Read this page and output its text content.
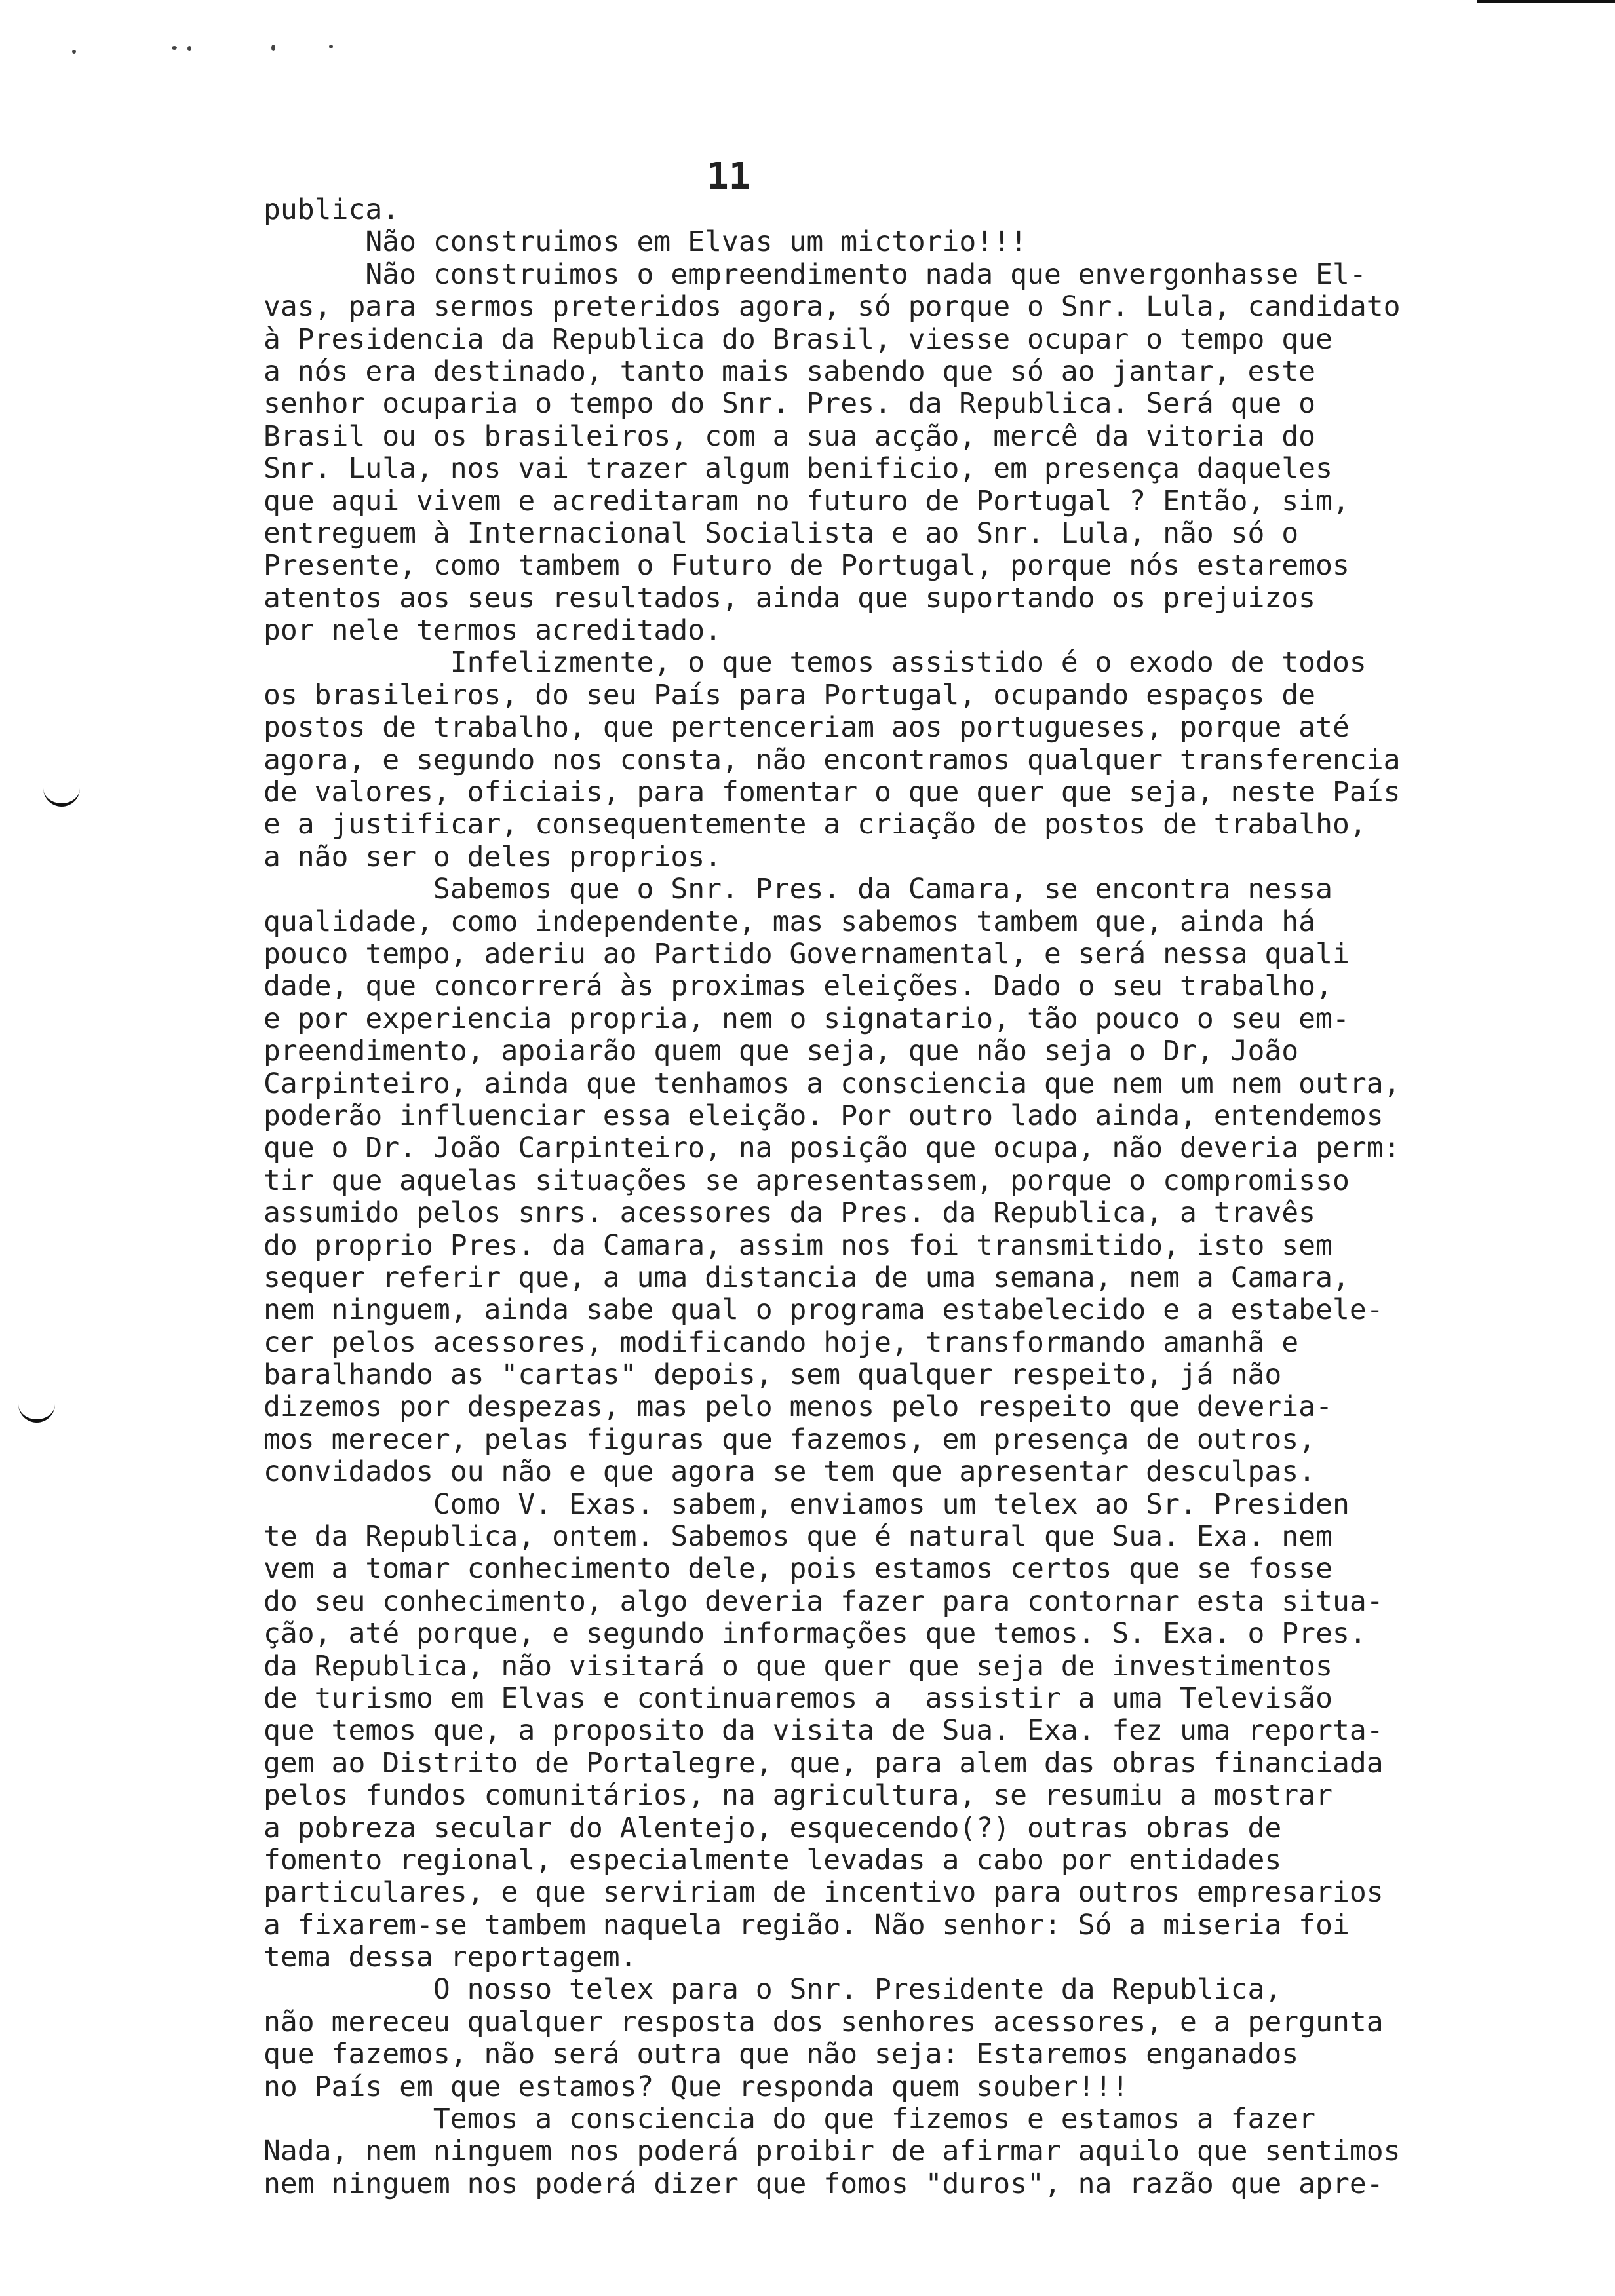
11
publica.
Não construimos em Elvas um mictorio!!!
Não construimos o empreendimento nada que envergonhasse El-
vas, para sermos preteridos agora, só porque o Snr. Lula, candidato
à Presidencia da Republica do Brasil, viesse ocupar o tempo que
a nós era destinado, tanto mais sabendo que só ao jantar, este
senhor ocuparia o tempo do Snr. Pres. da Republica. Será que o
Brasil ou os brasileiros, com a sua acção, mercê da vitoria do
Snr. Lula, nos vai trazer algum benificio, em presença daqueles
que aqui vivem e acreditaram no futuro de Portugal ? Então, sim,
entreguem à Internacional Socialista e ao Snr. Lula, não só o
Presente, como tambem o Futuro de Portugal, porque nós estaremos
atentos aos seus resultados, ainda que suportando os prejuizos
por nele termos acreditado.
Infelizmente, o que temos assistido é o exodo de todos
os brasileiros, do seu País para Portugal, ocupando espaços de
postos de trabalho, que pertenceriam aos portugueses, porque até
agora, e segundo nos consta, não encontramos qualquer transferencia
de valores, oficiais, para fomentar o que quer que seja, neste País
e a justificar, consequentemente a criação de postos de trabalho,
a não ser o deles proprios.
Sabemos que o Snr. Pres. da Camara, se encontra nessa
qualidade, como independente, mas sabemos tambem que, ainda há
pouco tempo, aderiu ao Partido Governamental, e será nessa quali
dade, que concorrerá às proximas eleições. Dado o seu trabalho,
e por experiencia propria, nem o signatario, tão pouco o seu em-
preendimento, apoiarão quem que seja, que não seja o Dr, João
Carpinteiro, ainda que tenhamos a consciencia que nem um nem outra,
poderão influenciar essa eleição. Por outro lado ainda, entendemos
que o Dr. João Carpinteiro, na posição que ocupa, não deveria perm:
tir que aquelas situações se apresentassem, porque o compromisso
assumido pelos snrs. acessores da Pres. da Republica, a travês
do proprio Pres. da Camara, assim nos foi transmitido, isto sem
sequer referir que, a uma distancia de uma semana, nem a Camara,
nem ninguem, ainda sabe qual o programa estabelecido e a estabele-
cer pelos acessores, modificando hoje, transformando amanhã e
baralhando as "cartas" depois, sem qualquer respeito, já não
dizemos por despezas, mas pelo menos pelo respeito que deveria-
mos merecer, pelas figuras que fazemos, em presença de outros,
convidados ou não e que agora se tem que apresentar desculpas.
Como V. Exas. sabem, enviamos um telex ao Sr. Presiden
te da Republica, ontem. Sabemos que é natural que Sua. Exa. nem
vem a tomar conhecimento dele, pois estamos certos que se fosse
do seu conhecimento, algo deveria fazer para contornar esta situa-
ção, até porque, e segundo informações que temos. S. Exa. o Pres.
da Republica, não visitará o que quer que seja de investimentos
de turismo em Elvas e continuaremos a  assistir a uma Televisão
que temos que, a proposito da visita de Sua. Exa. fez uma reporta-
gem ao Distrito de Portalegre, que, para alem das obras financiada
pelos fundos comunitários, na agricultura, se resumiu a mostrar
a pobreza secular do Alentejo, esquecendo(?) outras obras de
fomento regional, especialmente levadas a cabo por entidades
particulares, e que serviriam de incentivo para outros empresarios
a fixarem-se tambem naquela região. Não senhor: Só a miseria foi
tema dessa reportagem.
O nosso telex para o Snr. Presidente da Republica,
não mereceu qualquer resposta dos senhores acessores, e a pergunta
que fazemos, não será outra que não seja: Estaremos enganados
no País em que estamos? Que responda quem souber!!!
Temos a consciencia do que fizemos e estamos a fazer
Nada, nem ninguem nos poderá proibir de afirmar aquilo que sentimos
nem ninguem nos poderá dizer que fomos "duros", na razão que apre-
